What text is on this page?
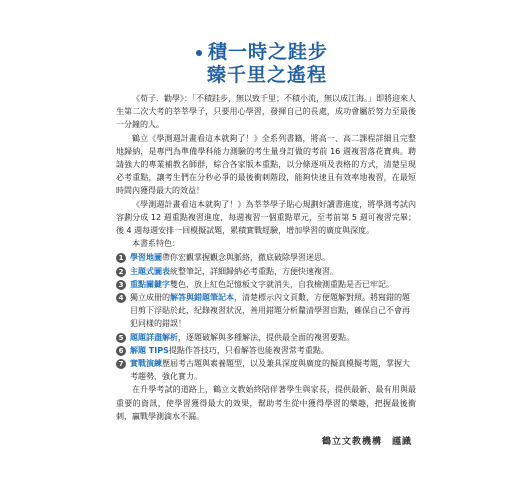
積一時之跬步
臻千里之遙程

《荀子．勸學》：「不積跬步，無以致千里；不積小流，無以成江海。」即將迎來人生第二次大考的莘莘學子，只要用心學習，發揮自己的長處，成功會屬於努力至最後一分鐘的人。

鶴立《學測週計畫看這本就夠了！》全系列書籍，將高一、高二課程詳細且完整地歸納，是專門為準備學科能力測驗的考生量身訂做的考前 16 週複習落花寶典。聘請強大的專業補教名師群，綜合各家版本重點，以分條逐項及表格的方式，清楚呈現必考重點，讓考生們在分秒必爭的最後衝刺階段，能夠快速且有效率地複習，在最短時間內獲得最大的效益！

《學測週計畫看這本就夠了！》為莘莘學子貼心規劃好讀書進度，將學測考試內容劃分成 12 週重點複習進度，每週複習一個重點單元，至考前第 5 週可複習完畢；後 4 週每週安排一回模擬試題，累積實戰經驗，增加學習的廣度與深度。

本書系特色：

1 學習地圖帶你宏觀掌握觀念與脈絡，徹底破除學習迷思。
2 主題式圖表統整筆記，詳細歸納必考重點，方便快速複習。
3 重點關鍵字雙色，放上紅色記憶板文字就消失，自我檢測重點是否已牢記。
4 獨立成冊的解答與錯題筆記本，清楚標示內文頁數，方便題解對照。將寫錯的題目剪下浮貼於此，紀錄複習狀況，善用錯題分析釐清學習盲點，確保自己不會再犯同樣的錯誤！
5 題題詳盡解析，逐題破解與多種解法，提供最全面的複習要點。
6 解題 TIPS提點作答技巧，只看解答也能複習常考重點。
7 實戰演練歷屆考古題與素養題型，以及兼具深度與廣度的擬真模擬考題，掌握大考趨勢，強化實力。

在升學考試的道路上，鶴立文教始終陪伴著學生與家長，提供最新、最有用與最重要的資訊，使學習獲得最大的效果，幫助考生從中獲得學習的樂趣，把握最後衝刺，贏戰學測滴水不漏。

鶴立文教機構 謹識
